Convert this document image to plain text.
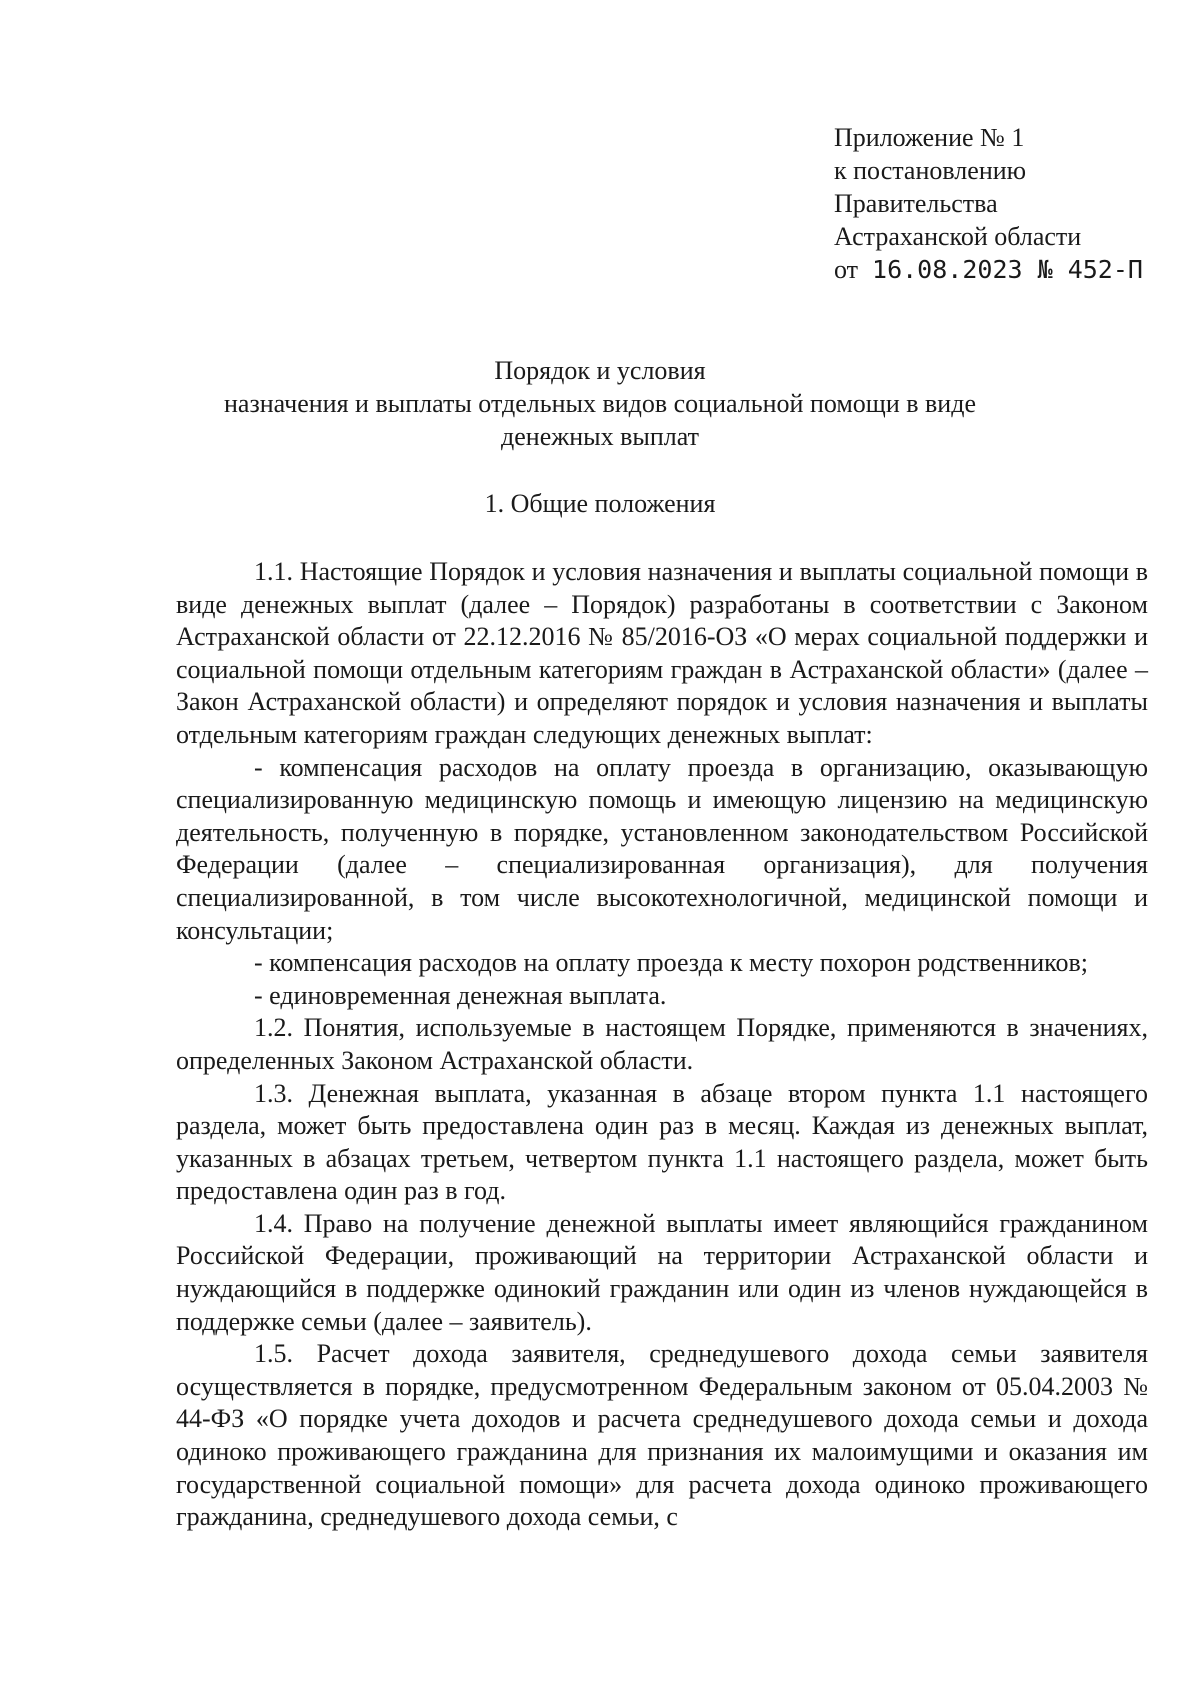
Приложение № 1
к постановлению
Правительства
Астраханской области
от 16.08.2023 № 452-П
Порядок и условия
назначения и выплаты отдельных видов социальной помощи в виде
денежных выплат
1. Общие положения

1.1. Настоящие Порядок и условия назначения и выплаты социальной помощи в виде денежных выплат (далее – Порядок) разработаны в соответствии с Законом Астраханской области от 22.12.2016 № 85/2016-ОЗ «О мерах социальной поддержки и социальной помощи отдельным категориям граждан в Астраханской области» (далее – Закон Астраханской области) и определяют порядок и условия назначения и выплаты отдельным категориям граждан следующих денежных выплат:

- компенсация расходов на оплату проезда в организацию, оказывающую специализированную медицинскую помощь и имеющую лицензию на медицинскую деятельность, полученную в порядке, установленном законодательством Российской Федерации (далее – специализированная организация), для получения специализированной, в том числе высокотехнологичной, медицинской помощи и консультации;

- компенсация расходов на оплату проезда к месту похорон родственников;

- единовременная денежная выплата.

1.2. Понятия, используемые в настоящем Порядке, применяются в значениях, определенных Законом Астраханской области.

1.3. Денежная выплата, указанная в абзаце втором пункта 1.1 настоящего раздела, может быть предоставлена один раз в месяц. Каждая из денежных выплат, указанных в абзацах третьем, четвертом пункта 1.1 настоящего раздела, может быть предоставлена один раз в год.

1.4. Право на получение денежной выплаты имеет являющийся гражданином Российской Федерации, проживающий на территории Астраханской области и нуждающийся в поддержке одинокий гражданин или один из членов нуждающейся в поддержке семьи (далее – заявитель).

1.5. Расчет дохода заявителя, среднедушевого дохода семьи заявителя осуществляется в порядке, предусмотренном Федеральным законом от 05.04.2003 № 44-ФЗ «О порядке учета доходов и расчета среднедушевого дохода семьи и дохода одиноко проживающего гражданина для признания их малоимущими и оказания им государственной социальной помощи» для расчета дохода одиноко проживающего гражданина, среднедушевого дохода семьи, с
